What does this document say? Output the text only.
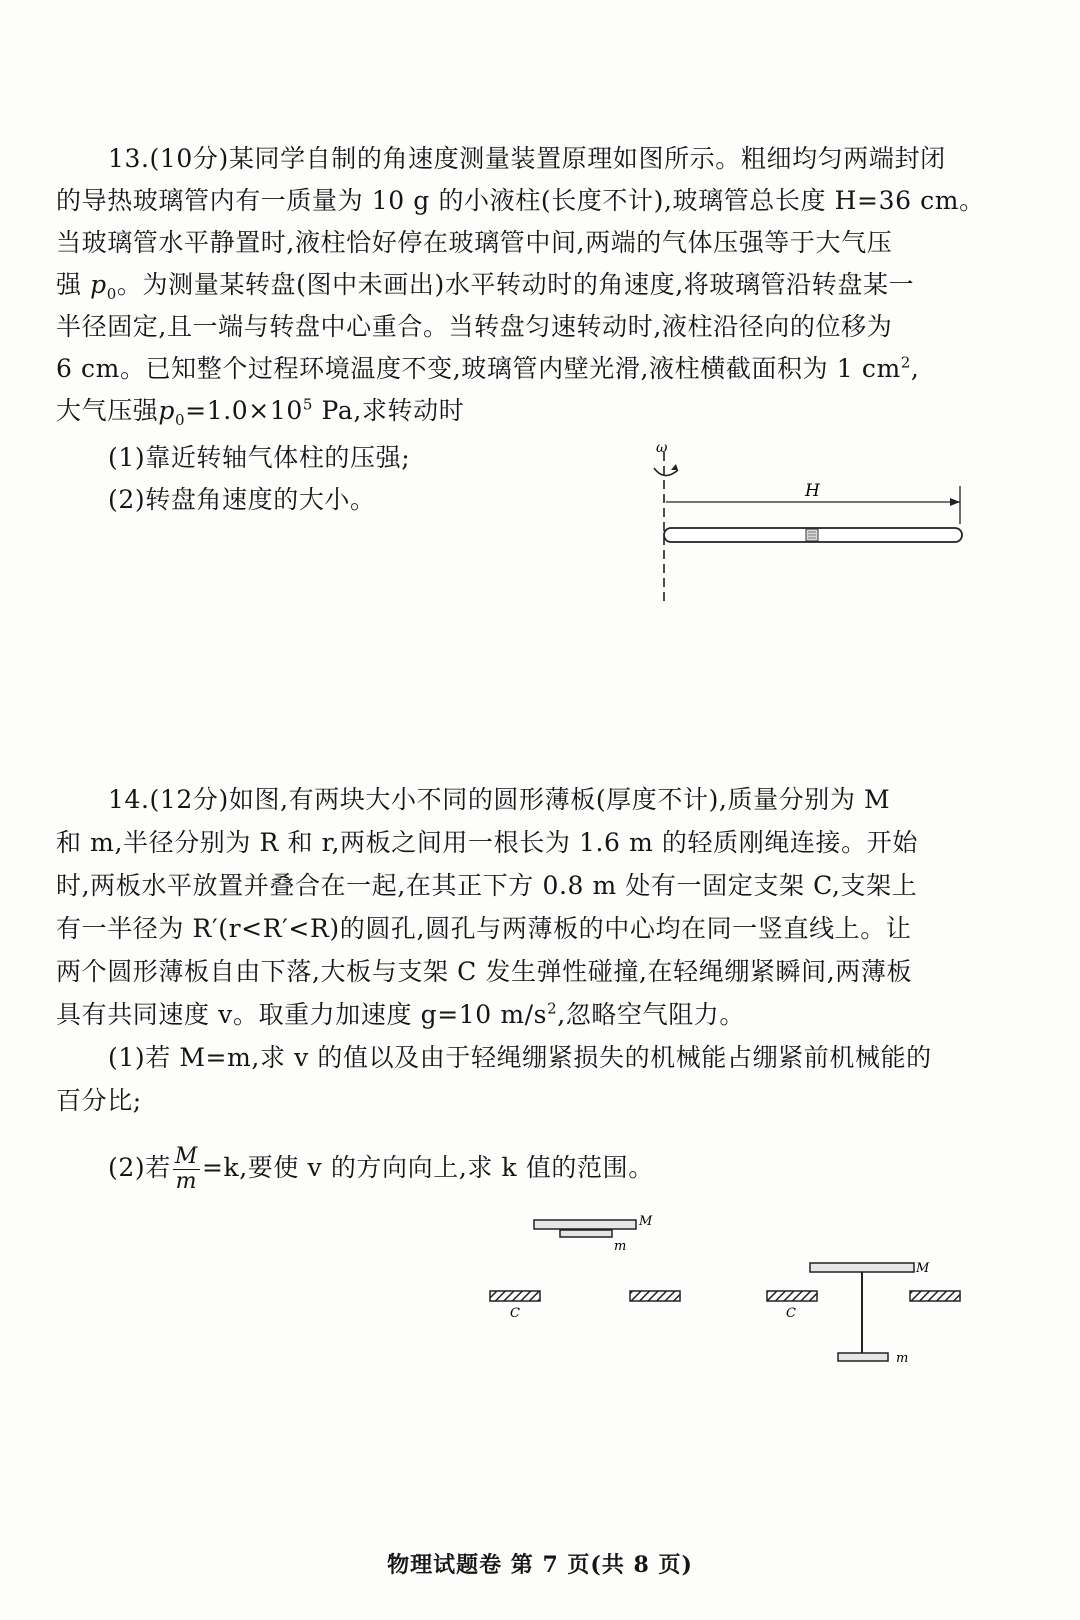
13.(10分)某同学自制的角速度测量装置原理如图所示。粗细均匀两端封闭
的导热玻璃管内有一质量为 10 g 的小液柱(长度不计),玻璃管总长度 H=36 cm。
当玻璃管水平静置时,液柱恰好停在玻璃管中间,两端的气体压强等于大气压
强 $p_0$。为测量某转盘(图中未画出)水平转动时的角速度,将玻璃管沿转盘某一
半径固定,且一端与转盘中心重合。当转盘匀速转动时,液柱沿径向的位移为
6 cm。已知整个过程环境温度不变,玻璃管内壁光滑,液柱横截面积为 1 $cm^2$,
大气压强$p_0=1.0\times 10^5$ Pa,求转动时
(1)靠近转轴气体柱的压强;
(2)转盘角速度的大小。
ω
H
14.(12分)如图,有两块大小不同的圆形薄板(厚度不计),质量分别为 M
和 m,半径分别为 R 和 r,两板之间用一根长为 1.6 m 的轻质刚绳连接。开始
时,两板水平放置并叠合在一起,在其正下方 0.8 m 处有一固定支架 C,支架上
有一半径为 R′(r<R′<R)的圆孔,圆孔与两薄板的中心均在同一竖直线上。让
两个圆形薄板自由下落,大板与支架 C 发生弹性碰撞,在轻绳绷紧瞬间,两薄板
具有共同速度 v。取重力加速度 g=10 $m/s^2$,忽略空气阻力。
(1)若 M=m,求 v 的值以及由于轻绳绷紧损失的机械能占绷紧前机械能的
百分比;
(2)若 $\frac{M}{m} =k$,要使 v 的方向向上,求 k 值的范围。
M
m
C
M
C
m
物理试题卷 第 7 页(共 8 页)
